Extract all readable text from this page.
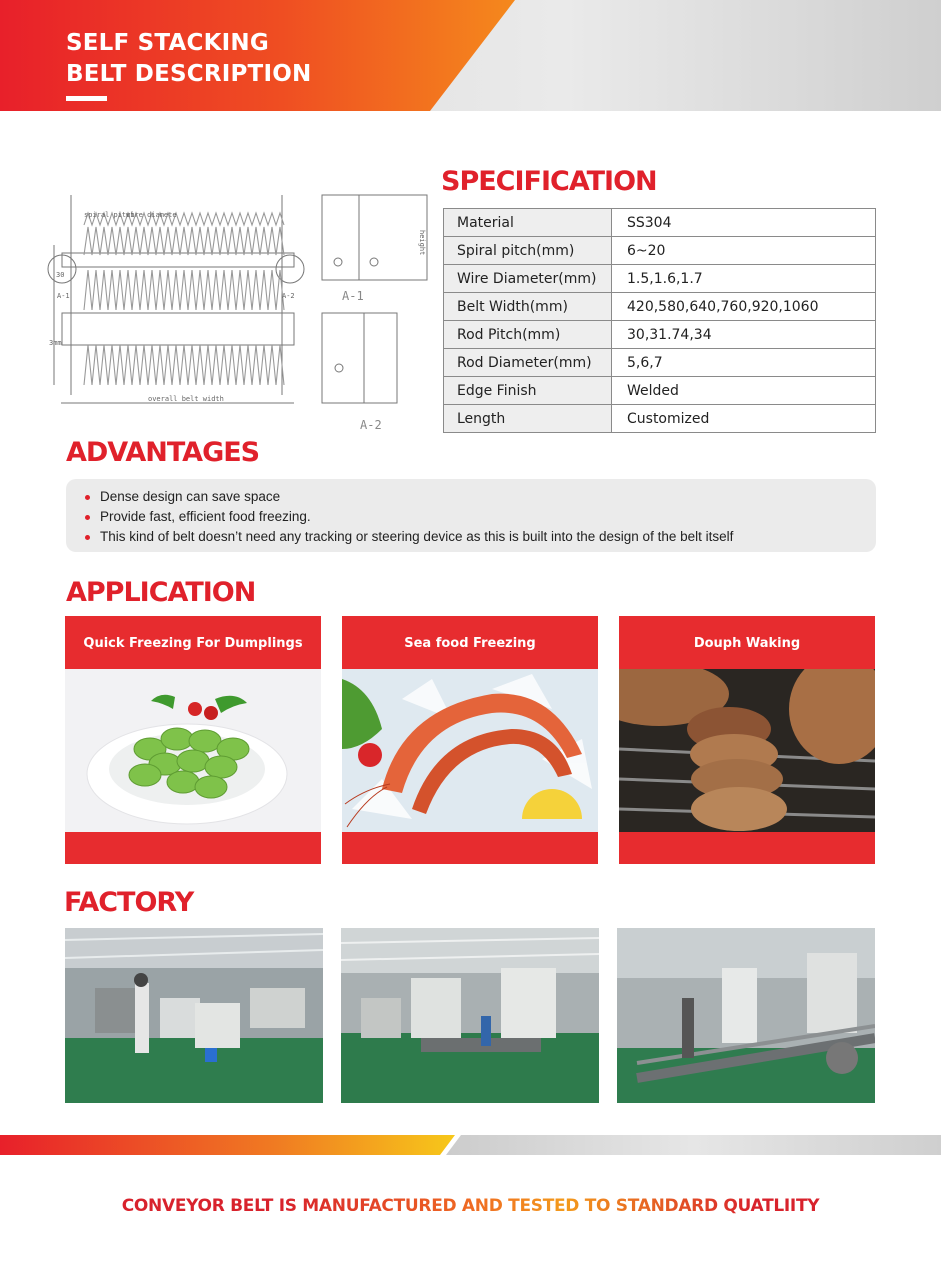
SELF STACKING
BELT DESCRIPTION
spiral pitch
wire diamete
overall belt width
A-1	A-2
30
3mm
height
A-1
A-2
SPECIFICATION
Material	SS304
Spiral pitch(mm)	6~20
Wire Diameter(mm)	1.5,1.6,1.7
Belt Width(mm)	420,580,640,760,920,1060
Rod Pitch(mm)	30,31.74,34
Rod Diameter(mm)	5,6,7
Edge Finish	Welded
Length	Customized
ADVANTAGES
Dense design can save space
Provide fast, efficient food freezing.
This kind of belt doesn’t need any tracking or steering device as this is built into the design of the belt itself
APPLICATION
Quick Freezing For Dumplings	Sea food Freezing	Douph Waking
FACTORY
CONVEYOR BELT IS MANUFACTURED AND TESTED TO STANDARD QUATLIITY
